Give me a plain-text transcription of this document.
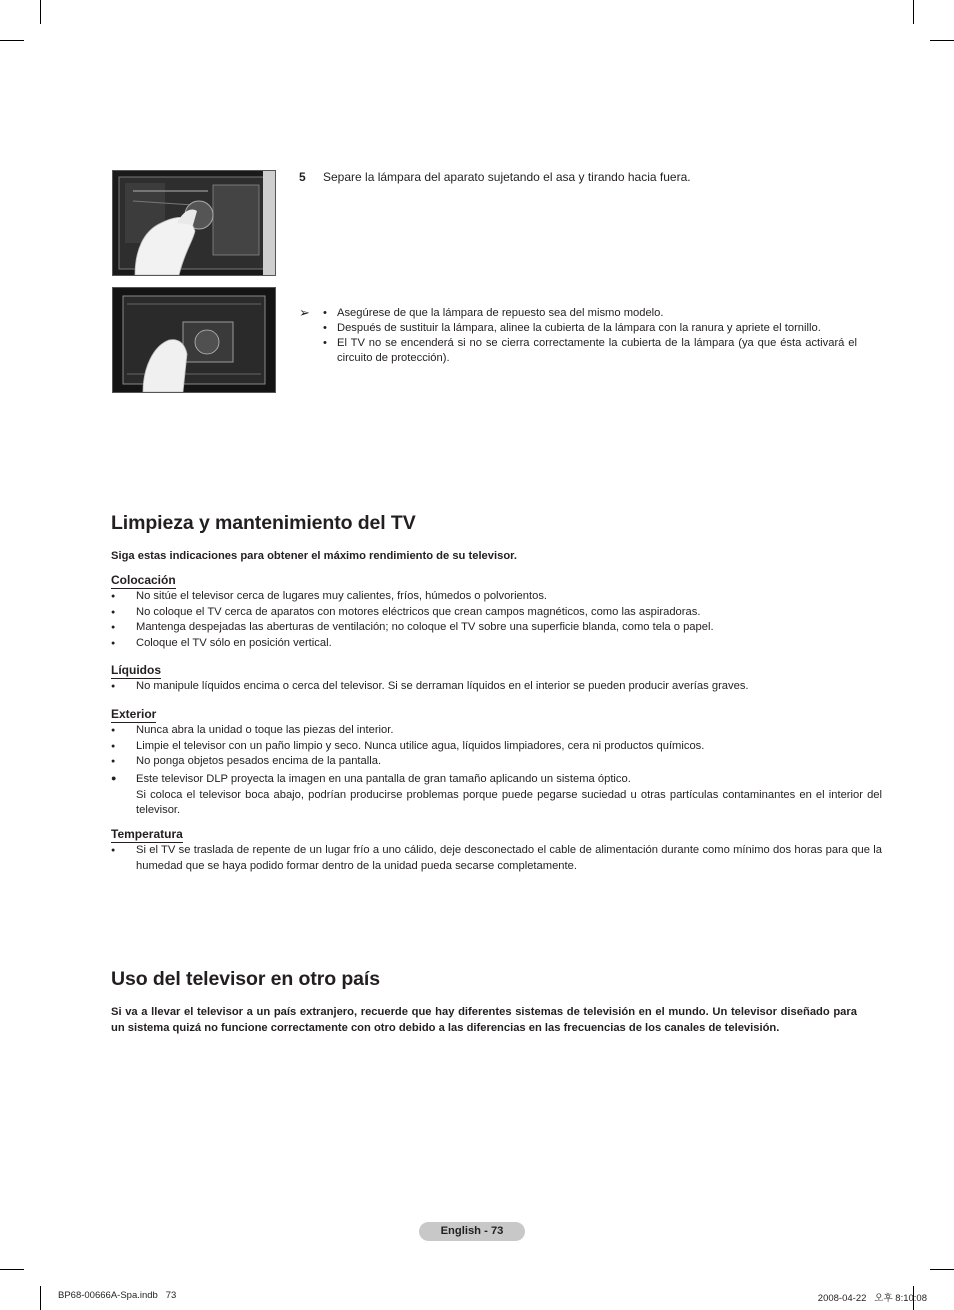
5 Separe la lámpara del aparato sujetando el asa y tirando hacia fuera.
➢
• Asegúrese de que la lámpara de repuesto sea del mismo modelo.
• Después de sustituir la lámpara, alinee la cubierta de la lámpara con la ranura y apriete el tornillo.
• El TV no se encenderá si no se cierra correctamente la cubierta de la lámpara (ya que ésta activará el circuito de protección).
Limpieza y mantenimiento del TV

Siga estas indicaciones para obtener el máximo rendimiento de su televisor.

Colocación
● No sitúe el televisor cerca de lugares muy calientes, fríos, húmedos o polvorientos.
● No coloque el TV cerca de aparatos con motores eléctricos que crean campos magnéticos, como las aspiradoras.
● Mantenga despejadas las aberturas de ventilación; no coloque el TV sobre una superficie blanda, como tela o papel.
● Coloque el TV sólo en posición vertical.
Líquidos
● No manipule líquidos encima o cerca del televisor. Si se derraman líquidos en el interior se pueden producir averías graves.
Exterior
● Nunca abra la unidad o toque las piezas del interior.
● Limpie el televisor con un paño limpio y seco. Nunca utilice agua, líquidos limpiadores, cera ni productos químicos.
● No ponga objetos pesados encima de la pantalla.
● Este televisor DLP proyecta la imagen en una pantalla de gran tamaño aplicando un sistema óptico.
Si coloca el televisor boca abajo, podrían producirse problemas porque puede pegarse suciedad u otras partículas contaminantes en el interior del televisor.
Temperatura
● Si el TV se traslada de repente de un lugar frío a uno cálido, deje desconectado el cable de alimentación durante como mínimo dos horas para que la humedad que se haya podido formar dentro de la unidad pueda secarse completamente.
Uso del televisor en otro país

Si va a llevar el televisor a un país extranjero, recuerde que hay diferentes sistemas de televisión en el mundo. Un televisor diseñado para un sistema quizá no funcione correctamente con otro debido a las diferencias en las frecuencias de los canales de televisión.

English - 73
BP68-00666A-Spa.indb   73	2008-04-22   오후 8:10:08
